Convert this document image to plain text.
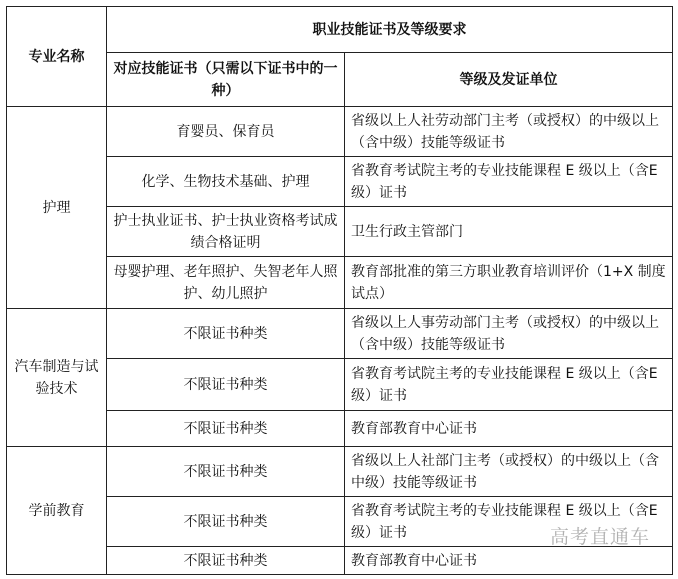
专业名称	职业技能证书及等级要求	
	对应技能证书（只需以下证书中的一种）	等级及发证单位
护理	育婴员、保育员	省级以上人社劳动部门主考（或授权）的中级以上（含中级）技能等级证书
	化学、生物技术基础、护理	省教育考试院主考的专业技能课程 E 级以上（含E级）证书
	护士执业证书、护士执业资格考试成绩合格证明	卫生行政主管部门
	母婴护理、老年照护、失智老年人照护、幼儿照护	教育部批准的第三方职业教育培训评价（1+X 制度试点）
汽车制造与试验技术	不限证书种类	省级以上人事劳动部门主考（或授权）的中级以上（含中级）技能等级证书
	不限证书种类	省教育考试院主考的专业技能课程 E 级以上（含E级）证书
	不限证书种类	教育部教育中心证书
学前教育	不限证书种类	省级以上人社部门主考（或授权）的中级以上（含中级）技能等级证书
	不限证书种类	省教育考试院主考的专业技能课程 E 级以上（含E级）证书
	不限证书种类	教育部教育中心证书
高考直通车
